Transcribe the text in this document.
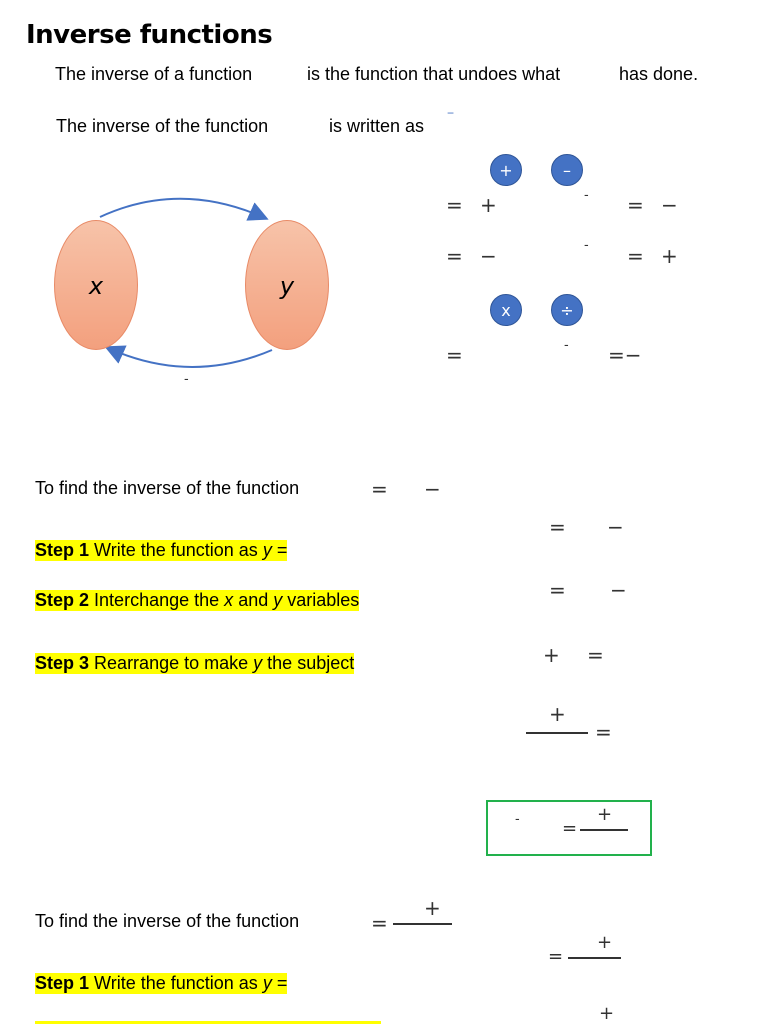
Inverse functions
The inverse of a function	is the function that undoes what	has done.
The inverse of the function	is written as
−
x	y
-
+	–
x	÷
= +	- = −
= −	- = +
=	- =−
To find the inverse of the function	= −
Step 1 Write the function as y =
Step 2 Interchange the x and y variables
Step 3 Rearrange to make y the subject
= −
= −
+ =
+
=
- =
+
To find the inverse of the function	=
+
Step 1 Write the function as y =
=
+
+
